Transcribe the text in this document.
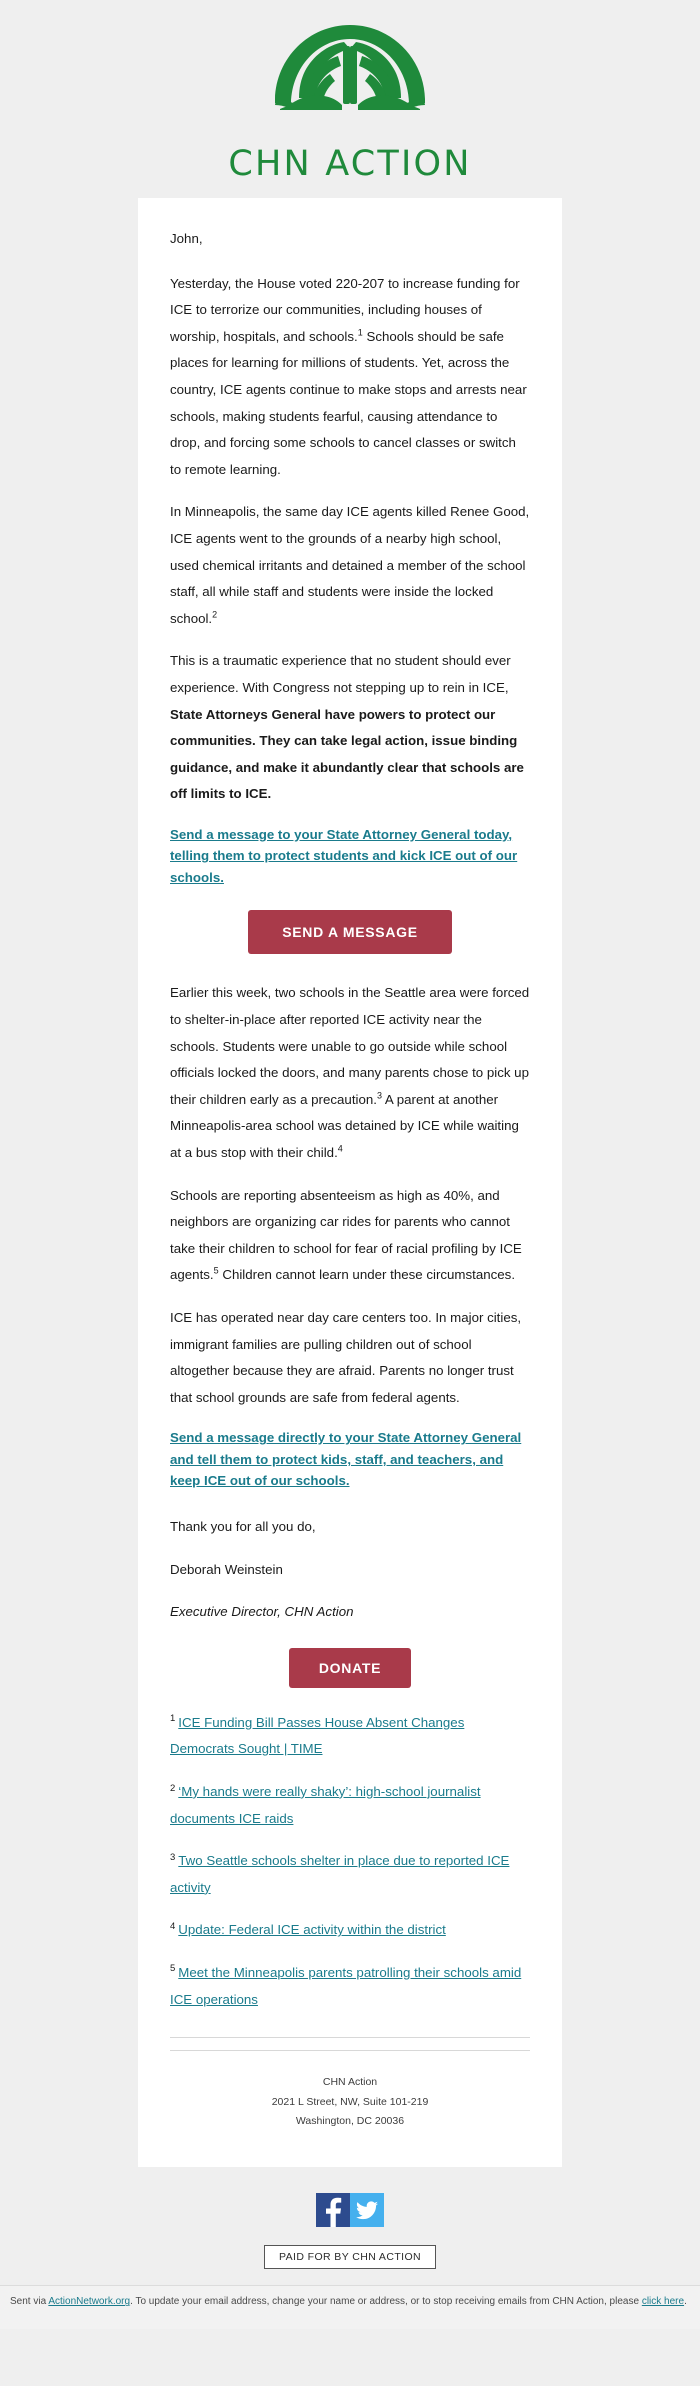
CHN ACTION

John,

Yesterday, the House voted 220-207 to increase funding for ICE to terrorize our communities, including houses of worship, hospitals, and schools.$^1$ Schools should be safe places for learning for millions of students. Yet, across the country, ICE agents continue to make stops and arrests near schools, making students fearful, causing attendance to drop, and forcing some schools to cancel classes or switch to remote learning.

In Minneapolis, the same day ICE agents killed Renee Good, ICE agents went to the grounds of a nearby high school, used chemical irritants and detained a member of the school staff, all while staff and students were inside the locked school.$^2$

This is a traumatic experience that no student should ever experience. With Congress not stepping up to rein in ICE, State Attorneys General have powers to protect our communities. They can take legal action, issue binding guidance, and make it abundantly clear that schools are off limits to ICE.

Send a message to your State Attorney General today, telling them to protect students and kick ICE out of our schools.
SEND A MESSAGE

Earlier this week, two schools in the Seattle area were forced to shelter-in-place after reported ICE activity near the schools. Students were unable to go outside while school officials locked the doors, and many parents chose to pick up their children early as a precaution.$^3$ A parent at another Minneapolis-area school was detained by ICE while waiting at a bus stop with their child.$^4$

Schools are reporting absenteeism as high as 40%, and neighbors are organizing car rides for parents who cannot take their children to school for fear of racial profiling by ICE agents.$^5$ Children cannot learn under these circumstances.

ICE has operated near day care centers too. In major cities, immigrant families are pulling children out of school altogether because they are afraid. Parents no longer trust that school grounds are safe from federal agents.

Send a message directly to your State Attorney General and tell them to protect kids, staff, and teachers, and keep ICE out of our schools.

Thank you for all you do,

Deborah Weinstein

Executive Director, CHN Action

DONATE

$^1$ ICE Funding Bill Passes House Absent Changes Democrats Sought | TIME

$^2$ ‘My hands were really shaky’: high-school journalist documents ICE raids

$^3$ Two Seattle schools shelter in place due to reported ICE activity

$^4$ Update: Federal ICE activity within the district

$^5$ Meet the Minneapolis parents patrolling their schools amid ICE operations

CHN Action
2021 L Street, NW, Suite 101-219
Washington, DC 20036
PAID FOR BY CHN ACTION
Sent via ActionNetwork.org. To update your email address, change your name or address, or to stop receiving emails from CHN Action, please click here.
